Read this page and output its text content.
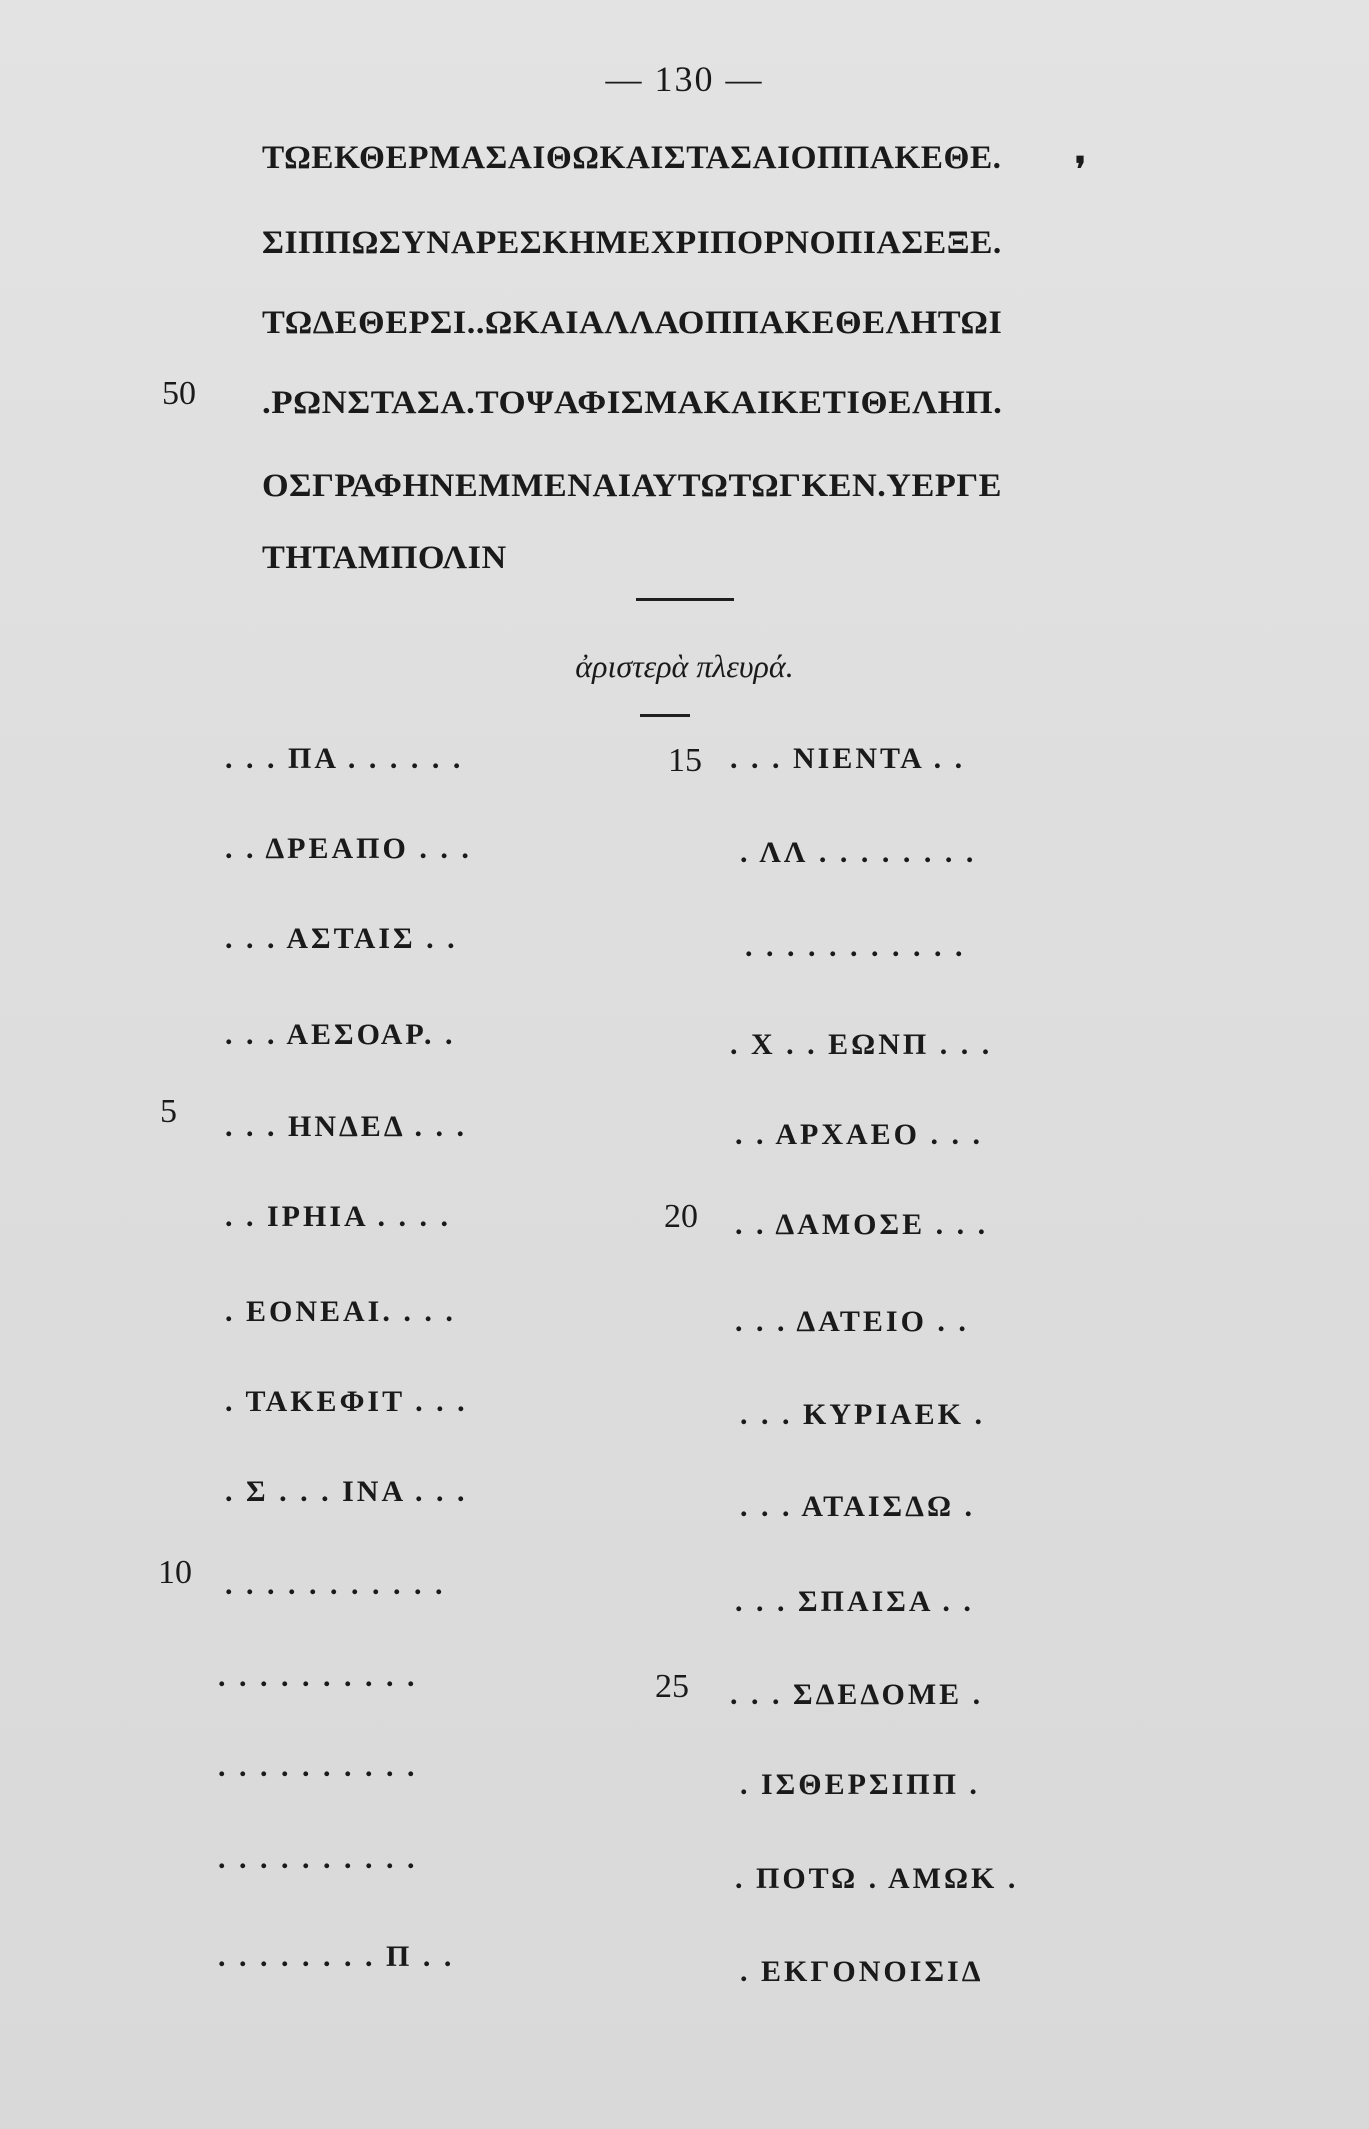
— 130 —
❜
ΤΩΕΚΘΕΡΜΑΣΑΙΘΩΚΑΙΣΤΑΣΑΙΟΠΠΑΚΕΘΕ.
ΣΙΠΠΩΣΥΝΑΡΕΣΚΗΜΕΧΡΙΠΟΡΝΟΠΙΑΣΕΞΕ.
ΤΩΔΕΘΕΡΣΙ..ΩΚΑΙΑΛΛΑΟΠΠΑΚΕΘΕΛΗΤΩΙ
.ΡΩΝΣΤΑΣΑ.ΤΟΨΑΦΙΣΜΑΚΑΙΚΕΤΙΘΕΛΗΠ.
ΟΣΓΡΑΦΗΝΕΜΜΕΝΑΙΑΥΤΩΤΩΓΚΕΝ.ΥΕΡΓΕ
ΤΗΤΑΜΠΟΛΙΝ
50
ἀριστερὰ πλευρά.
. . . ΠΑ . . . . . .
. . ΔΡΕΑΠΟ . . .
. . . ΑΣΤΑΙΣ . .
. . . ΑΕΣΟΑΡ. .
. . . ΗΝΔΕΔ . . .
. . ΙΡΗΙΑ . . . .
. ΕΟΝΕΑΙ. . . .
. ΤΑΚΕΦΙΤ . . .
. Σ . . . ΙΝΑ . . .
. . . . . . . . . . .
. . . . . . . . . .
. . . . . . . . . .
. . . . . . . . . .
. . . . . . . . Π . .
5
10
. . . ΝΙΕΝΤΑ . .
. ΛΛ . . . . . . . .
. . . . . . . . . . .
. Χ . . ΕΩΝΠ . . .
. . ΑΡΧΑΕΟ . . .
. . ΔΑΜΟΣΕ . . .
. . . ΔΑΤΕΙΟ . .
. . . ΚΥΡΙΑΕΚ .
. . . ΑΤΑΙΣΔΩ .
. . . ΣΠΑΙΣΑ . .
. . . ΣΔΕΔΟΜΕ .
. ΙΣΘΕΡΣΙΠΠ .
. ΠΟΤΩ . ΑΜΩΚ .
. ΕΚΓΟΝΟΙΣΙΔ
15
20
25
